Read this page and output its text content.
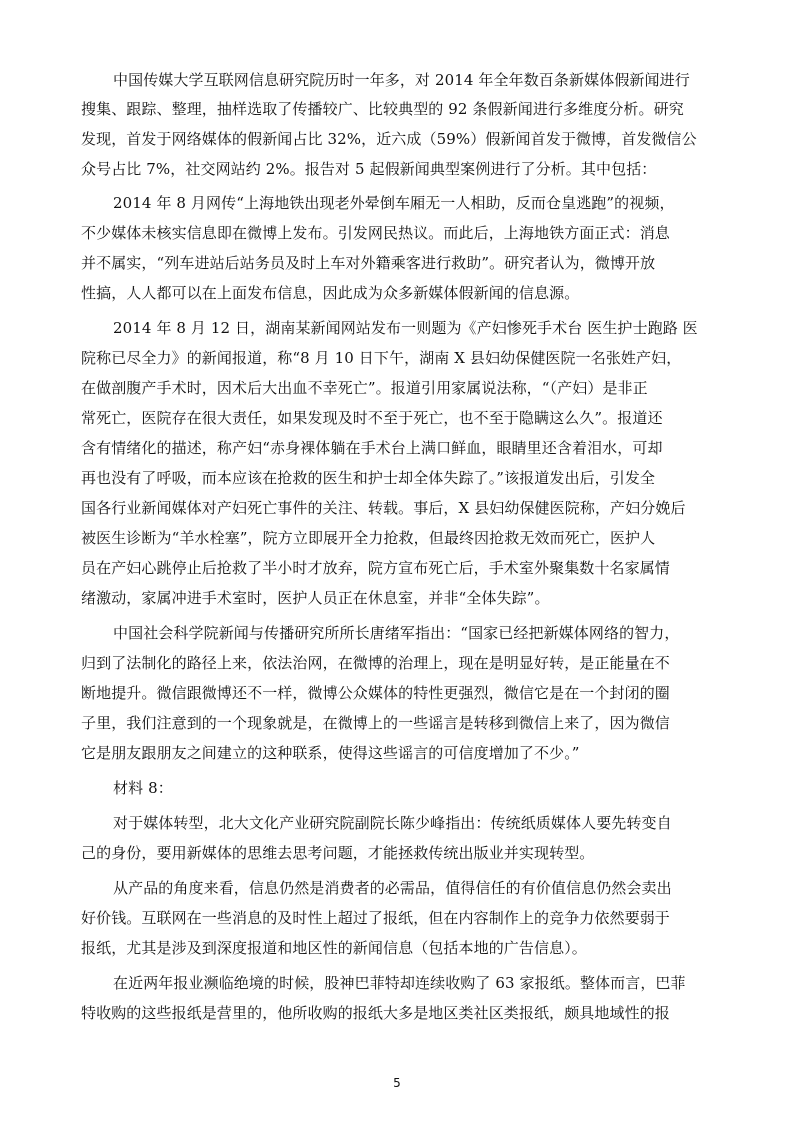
中国传媒大学互联网信息研究院历时一年多，对 2014 年全年数百条新媒体假新闻进行
搜集、跟踪、整理，抽样选取了传播较广、比较典型的 92 条假新闻进行多维度分析。研究
发现，首发于网络媒体的假新闻占比 32%，近六成（59%）假新闻首发于微博，首发微信公
众号占比 7%，社交网站约 2%。报告对 5 起假新闻典型案例进行了分析。其中包括：
2014 年 8 月网传“上海地铁出现老外晕倒车厢无一人相助，反而仓皇逃跑”的视频，
不少媒体未核实信息即在微博上发布。引发网民热议。而此后，上海地铁方面正式：消息
并不属实，“列车进站后站务员及时上车对外籍乘客进行救助”。研究者认为，微博开放
性搞，人人都可以在上面发布信息，因此成为众多新媒体假新闻的信息源。
2014 年 8 月 12 日，湖南某新闻网站发布一则题为《产妇惨死手术台 医生护士跑路 医
院称已尽全力》的新闻报道，称“8 月 10 日下午，湖南 X 县妇幼保健医院一名张姓产妇，
在做剖腹产手术时，因术后大出血不幸死亡”。报道引用家属说法称，“（产妇）是非正
常死亡，医院存在很大责任，如果发现及时不至于死亡，也不至于隐瞒这么久”。报道还
含有情绪化的描述，称产妇“赤身裸体躺在手术台上满口鲜血，眼睛里还含着泪水，可却
再也没有了呼吸，而本应该在抢救的医生和护士却全体失踪了。”该报道发出后，引发全
国各行业新闻媒体对产妇死亡事件的关注、转载。事后，X 县妇幼保健医院称，产妇分娩后
被医生诊断为“羊水栓塞”，院方立即展开全力抢救，但最终因抢救无效而死亡，医护人
员在产妇心跳停止后抢救了半小时才放弃，院方宣布死亡后，手术室外聚集数十名家属情
绪激动，家属冲进手术室时，医护人员正在休息室，并非“全体失踪”。
中国社会科学院新闻与传播研究所所长唐绪军指出：“国家已经把新媒体网络的智力，
归到了法制化的路径上来，依法治网，在微博的治理上，现在是明显好转，是正能量在不
断地提升。微信跟微博还不一样，微博公众媒体的特性更强烈，微信它是在一个封闭的圈
子里，我们注意到的一个现象就是，在微博上的一些谣言是转移到微信上来了，因为微信
它是朋友跟朋友之间建立的这种联系，使得这些谣言的可信度增加了不少。”
材料 8：
对于媒体转型，北大文化产业研究院副院长陈少峰指出：传统纸质媒体人要先转变自
己的身份，要用新媒体的思维去思考问题，才能拯救传统出版业并实现转型。
从产品的角度来看，信息仍然是消费者的必需品，值得信任的有价值信息仍然会卖出
好价钱。互联网在一些消息的及时性上超过了报纸，但在内容制作上的竞争力依然要弱于
报纸，尤其是涉及到深度报道和地区性的新闻信息（包括本地的广告信息）。
在近两年报业濒临绝境的时候，股神巴菲特却连续收购了 63 家报纸。整体而言，巴菲
特收购的这些报纸是营里的，他所收购的报纸大多是地区类社区类报纸，颇具地域性的报
5
